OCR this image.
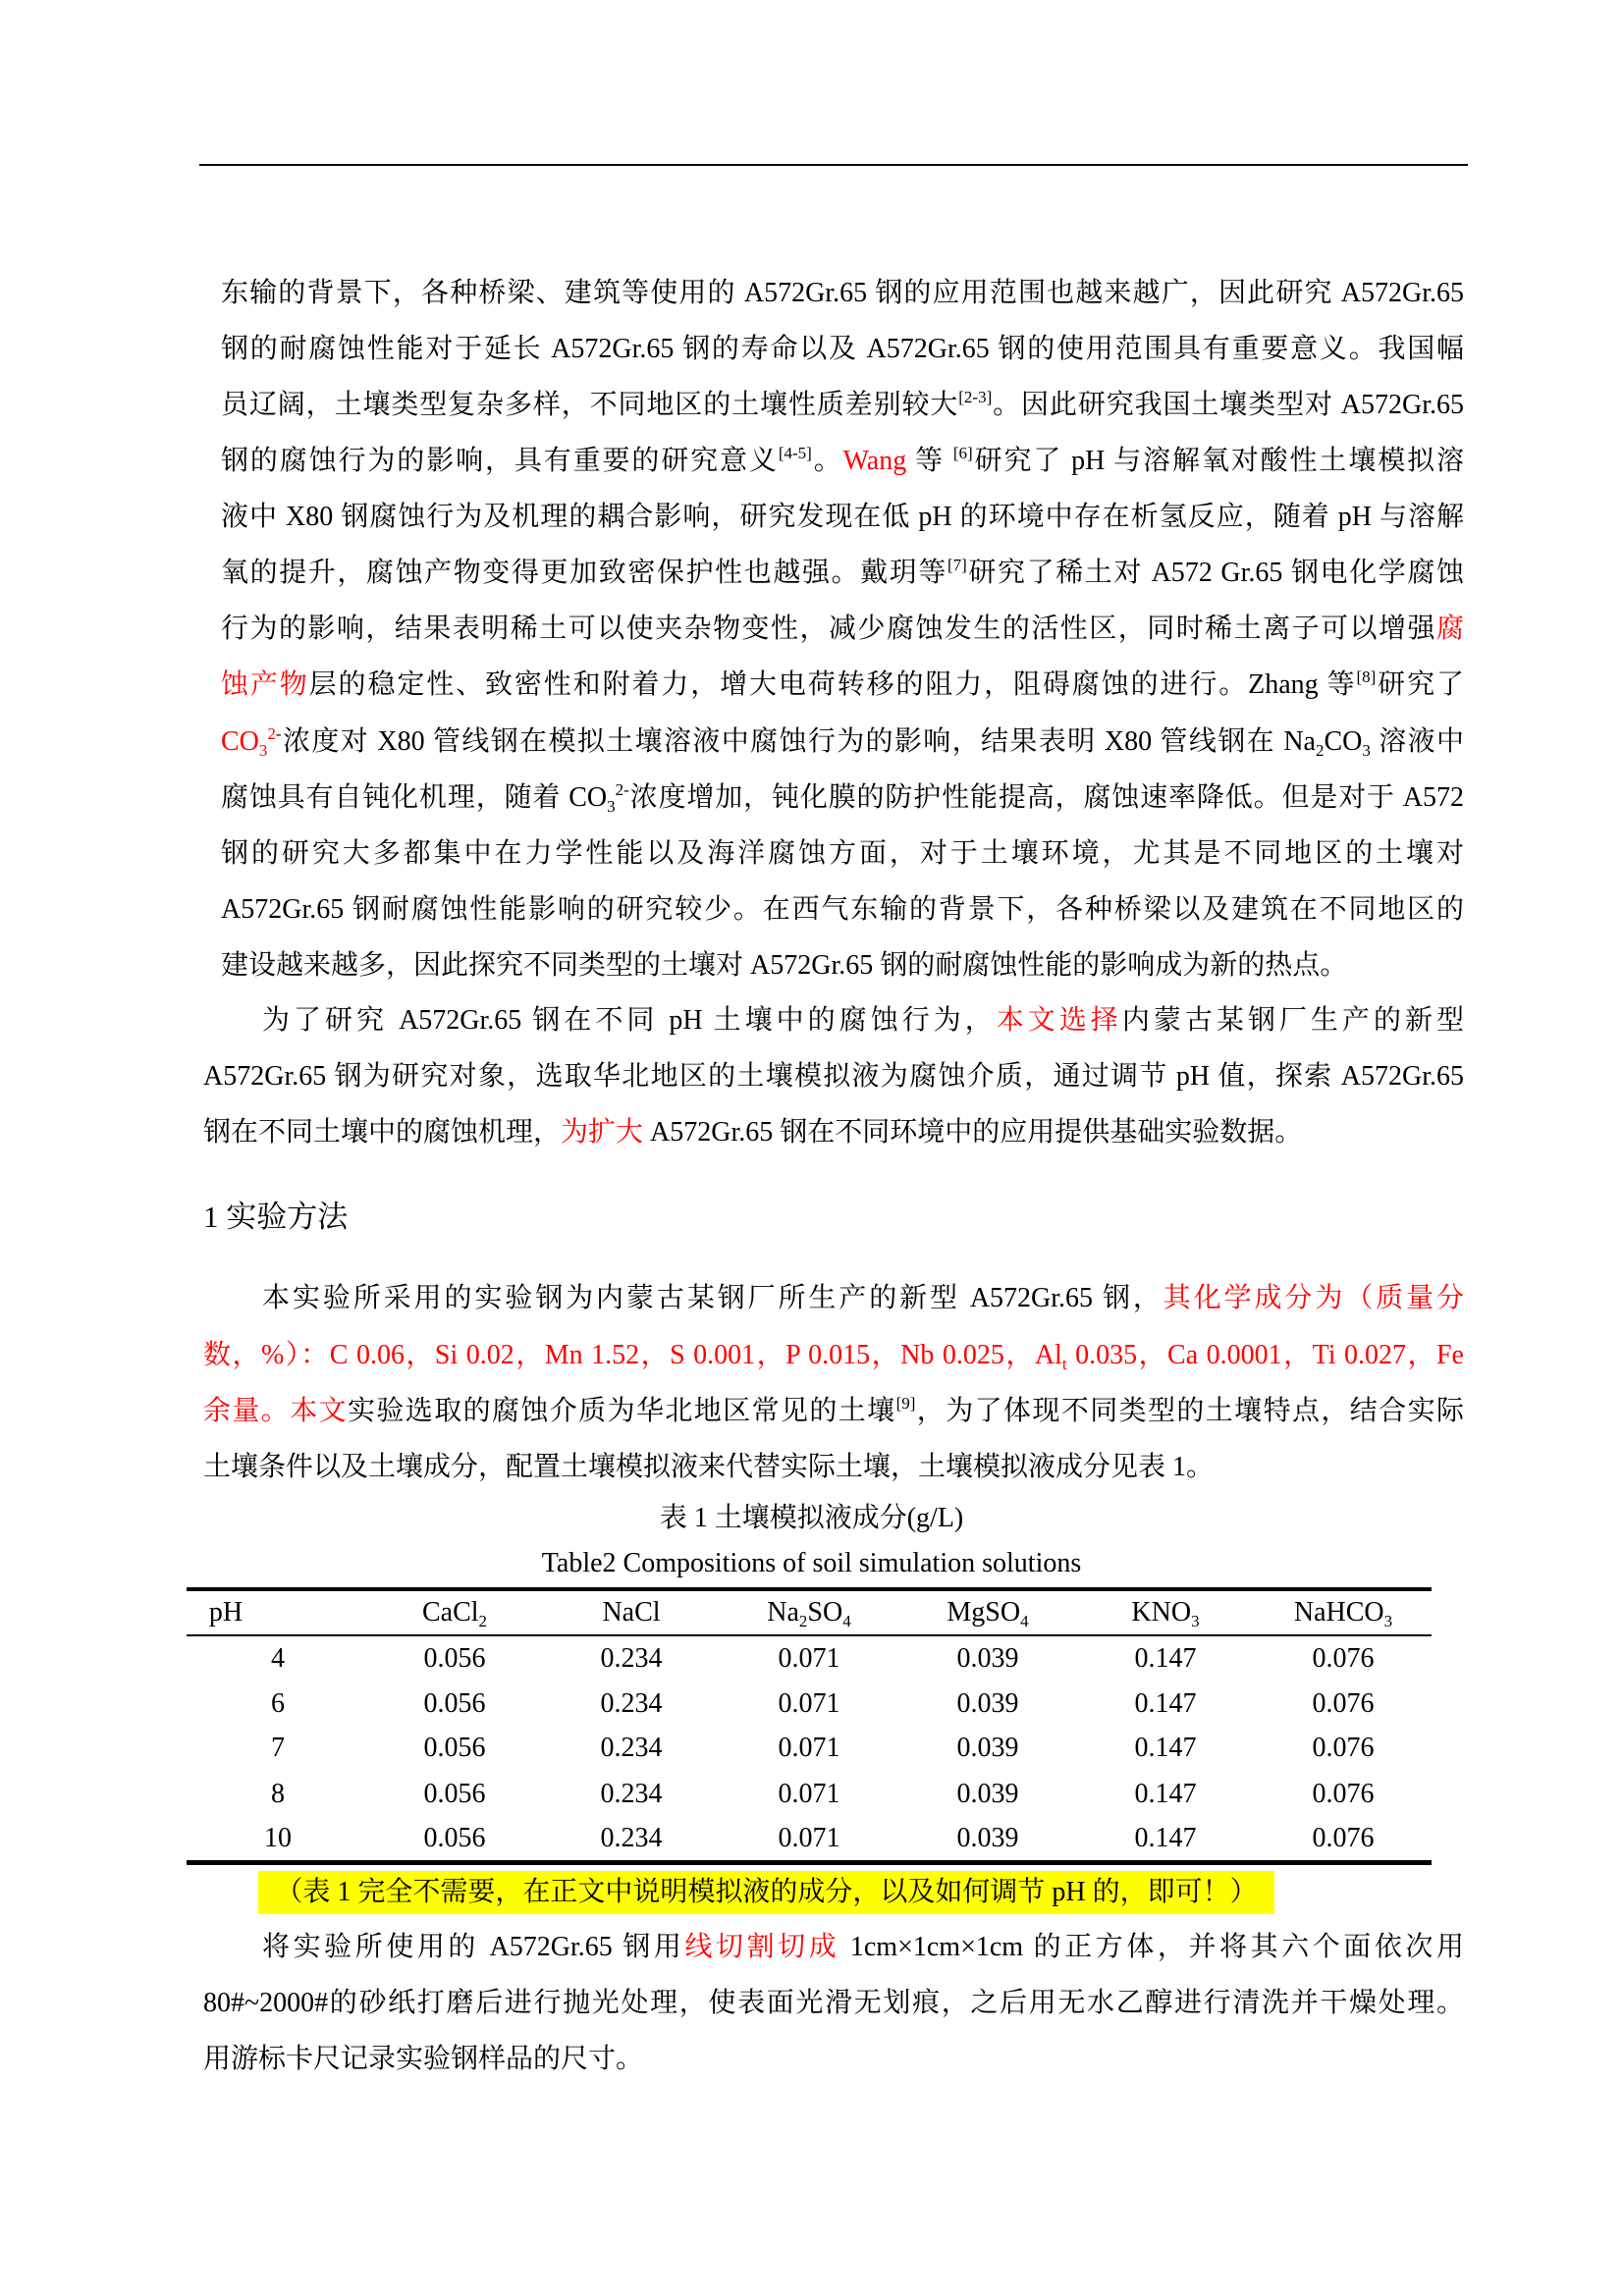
东输的背景下，各种桥梁、建筑等使用的 A572Gr.65 钢的应用范围也越来越广，因此研究 A572Gr.65
钢的耐腐蚀性能对于延长 A572Gr.65 钢的寿命以及 A572Gr.65 钢的使用范围具有重要意义。我国幅
员辽阔，土壤类型复杂多样，不同地区的土壤性质差别较大[2-3]。因此研究我国土壤类型对 A572Gr.65
钢的腐蚀行为的影响，具有重要的研究意义[4-5]。Wang 等 [6]研究了 pH 与溶解氧对酸性土壤模拟溶
液中 X80 钢腐蚀行为及机理的耦合影响，研究发现在低 pH 的环境中存在析氢反应，随着 pH 与溶解
氧的提升，腐蚀产物变得更加致密保护性也越强。戴玥等[7]研究了稀土对 A572 Gr.65 钢电化学腐蚀
行为的影响，结果表明稀土可以使夹杂物变性，减少腐蚀发生的活性区，同时稀土离子可以增强腐
蚀产物层的稳定性、致密性和附着力，增大电荷转移的阻力，阻碍腐蚀的进行。Zhang 等[8]研究了
$CO_3^{2-}$浓度对 X80 管线钢在模拟土壤溶液中腐蚀行为的影响，结果表明 X80 管线钢在 $Na_2CO_3$ 溶液中
腐蚀具有自钝化机理，随着 $CO_3^{2-}$浓度增加，钝化膜的防护性能提高，腐蚀速率降低。但是对于 A572
钢的研究大多都集中在力学性能以及海洋腐蚀方面，对于土壤环境，尤其是不同地区的土壤对
A572Gr.65 钢耐腐蚀性能影响的研究较少。在西气东输的背景下，各种桥梁以及建筑在不同地区的
建设越来越多，因此探究不同类型的土壤对 A572Gr.65 钢的耐腐蚀性能的影响成为新的热点。
为了研究 A572Gr.65 钢在不同 pH 土壤中的腐蚀行为，本文选择内蒙古某钢厂生产的新型
A572Gr.65 钢为研究对象，选取华北地区的土壤模拟液为腐蚀介质，通过调节 pH 值，探索 A572Gr.65
钢在不同土壤中的腐蚀机理，为扩大 A572Gr.65 钢在不同环境中的应用提供基础实验数据。
1 实验方法
本实验所采用的实验钢为内蒙古某钢厂所生产的新型 A572Gr.65 钢，其化学成分为（质量分
数，%）：C 0.06，Si 0.02，Mn 1.52，S 0.001，P 0.015，Nb 0.025，$Al_t$ 0.035，Ca 0.0001，Ti 0.027，Fe
余量。本文实验选取的腐蚀介质为华北地区常见的土壤[9]，为了体现不同类型的土壤特点，结合实际
土壤条件以及土壤成分，配置土壤模拟液来代替实际土壤，土壤模拟液成分见表 1。
表 1 土壤模拟液成分(g/L)
Table2 Compositions of soil simulation solutions
pH	CaCl$_2$	NaCl	$Na_2SO_4$	MgSO$_4$	$KNO_3$	NaHCO$_3$
4	0.056	0.234	0.071	0.039	0.147	0.076
6	0.056	0.234	0.071	0.039	0.147	0.076
7	0.056	0.234	0.071	0.039	0.147	0.076
8	0.056	0.234	0.071	0.039	0.147	0.076
10	0.056	0.234	0.071	0.039	0.147	0.076
（表 1 完全不需要，在正文中说明模拟液的成分，以及如何调节 pH 的，即可！）
将实验所使用的 A572Gr.65 钢用线切割切成 1cm×1cm×1cm 的正方体，并将其六个面依次用
80#~2000#的砂纸打磨后进行抛光处理，使表面光滑无划痕，之后用无水乙醇进行清洗并干燥处理。
用游标卡尺记录实验钢样品的尺寸。
